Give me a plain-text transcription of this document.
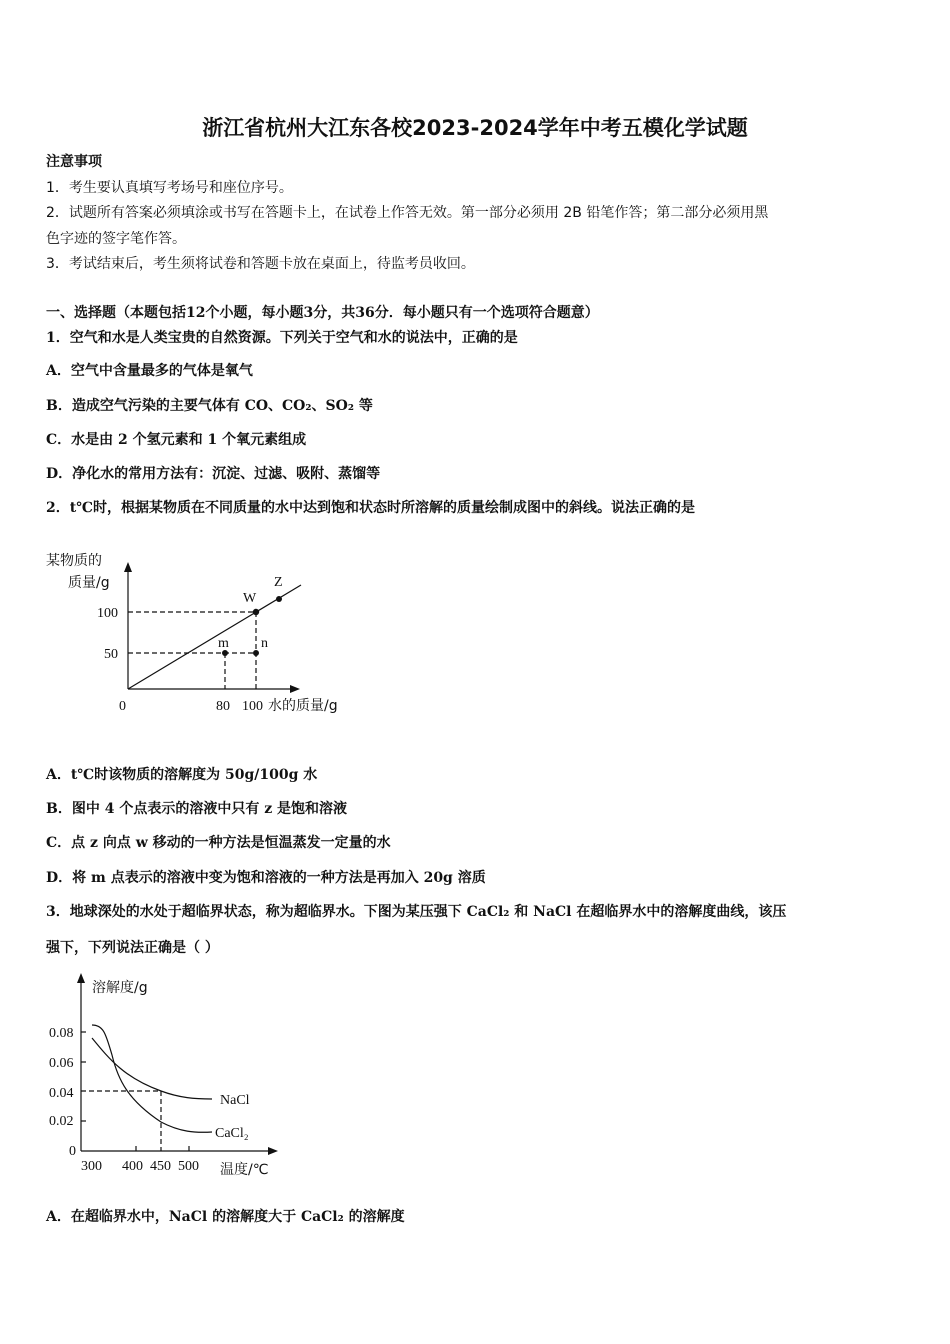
浙江省杭州大江东各校2023-2024学年中考五模化学试题
注意事项
1．考生要认真填写考场号和座位序号。
2．试题所有答案必须填涂或书写在答题卡上，在试卷上作答无效。第一部分必须用 2B 铅笔作答；第二部分必须用黑
色字迹的签字笔作答。
3．考试结束后，考生须将试卷和答题卡放在桌面上，待监考员收回。
一、选择题（本题包括12个小题，每小题3分，共36分．每小题只有一个选项符合题意）
1．空气和水是人类宝贵的自然资源。下列关于空气和水的说法中，正确的是
A．空气中含量最多的气体是氧气
B．造成空气污染的主要气体有 CO、CO₂、SO₂ 等
C．水是由 2 个氢元素和 1 个氧元素组成
D．净化水的常用方法有：沉淀、过滤、吸附、蒸馏等
2．t℃时，根据某物质在不同质量的水中达到饱和状态时所溶解的质量绘制成图中的斜线。说法正确的是
某物质的
质量/g
100
50
0	80 100 水的质量/g
W
Z
m n
A．t℃时该物质的溶解度为 50g/100g 水
B．图中 4 个点表示的溶液中只有 z 是饱和溶液
C．点 z 向点 w 移动的一种方法是恒温蒸发一定量的水
D．将 m 点表示的溶液中变为饱和溶液的一种方法是再加入 20g 溶质
3．地球深处的水处于超临界状态，称为超临界水。下图为某压强下 CaCl₂ 和 NaCl 在超临界水中的溶解度曲线，该压
强下，下列说法正确是（ ）
溶解度/g
0.08
0.06
0.04
0.02
0
300 400 450 500 温度/℃
NaCl
CaCl₂
A．在超临界水中，NaCl 的溶解度大于 CaCl₂ 的溶解度
